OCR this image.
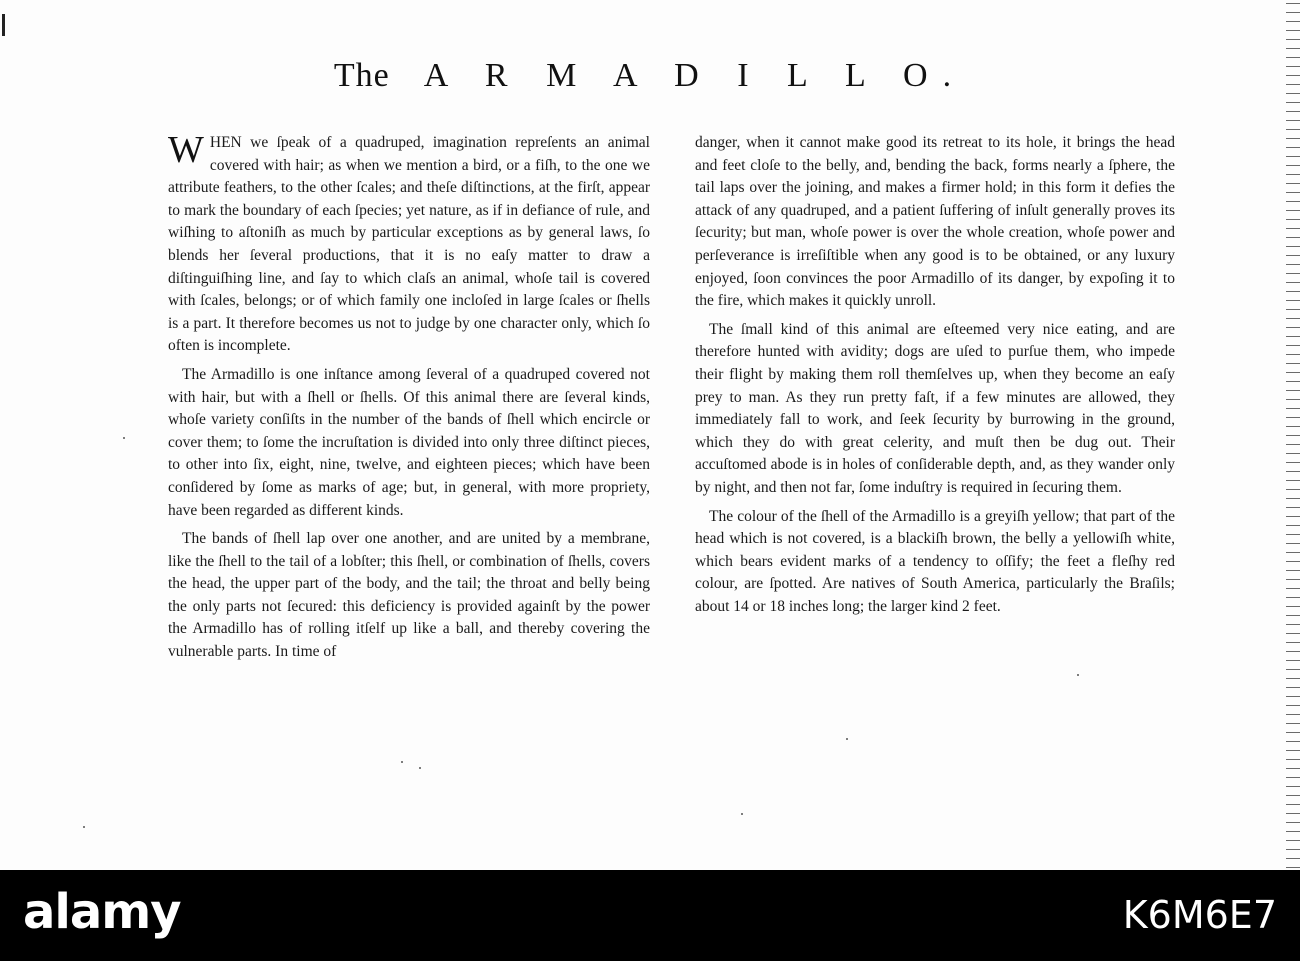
The A R M A D I L L O.

WHEN we ſpeak of a quadruped, imagination repreſents an animal covered with hair; as when we mention a bird, or a fiſh, to the one we attribute feathers, to the other ſcales; and theſe diſtinctions, at the firſt, appear to mark the boundary of each ſpecies; yet nature, as if in defiance of rule, and wiſhing to aſtoniſh as much by particular exceptions as by general laws, ſo blends her ſeveral productions, that it is no eaſy matter to draw a diſtinguiſhing line, and ſay to which claſs an animal, whoſe tail is covered with ſcales, belongs; or of which family one incloſed in large ſcales or ſhells is a part. It therefore becomes us not to judge by one character only, which ſo often is incomplete.

The Armadillo is one inſtance among ſeveral of a quadruped covered not with hair, but with a ſhell or ſhells. Of this animal there are ſeveral kinds, whoſe variety conſiſts in the number of the bands of ſhell which encircle or cover them; to ſome the incruſtation is divided into only three diſtinct pieces, to other into ſix, eight, nine, twelve, and eighteen pieces; which have been conſidered by ſome as marks of age; but, in general, with more propriety, have been regarded as different kinds.

The bands of ſhell lap over one another, and are united by a membrane, like the ſhell to the tail of a lobſter; this ſhell, or combination of ſhells, covers the head, the upper part of the body, and the tail; the throat and belly being the only parts not ſecured: this deficiency is provided againſt by the power the Armadillo has of rolling itſelf up like a ball, and thereby covering the vulnerable parts. In time of

danger, when it cannot make good its retreat to its hole, it brings the head and feet cloſe to the belly, and, bending the back, forms nearly a ſphere, the tail laps over the joining, and makes a firmer hold; in this form it defies the attack of any quadruped, and a patient ſuffering of inſult generally proves its ſecurity; but man, whoſe power is over the whole creation, whoſe power and perſeverance is irreſiſtible when any good is to be obtained, or any luxury enjoyed, ſoon convinces the poor Armadillo of its danger, by expoſing it to the fire, which makes it quickly unroll.

The ſmall kind of this animal are eſteemed very nice eating, and are therefore hunted with avidity; dogs are uſed to purſue them, who impede their flight by making them roll themſelves up, when they become an eaſy prey to man. As they run pretty faſt, if a few minutes are allowed, they immediately fall to work, and ſeek ſecurity by burrowing in the ground, which they do with great celerity, and muſt then be dug out. Their accuſtomed abode is in holes of conſiderable depth, and, as they wander only by night, and then not far, ſome induſtry is required in ſecuring them.

The colour of the ſhell of the Armadillo is a greyiſh yellow; that part of the head which is not covered, is a blackiſh brown, the belly a yellowiſh white, which bears evident marks of a tendency to oſſify; the feet a fleſhy red colour, are ſpotted. Are natives of South America, particularly the Braſils; about 14 or 18 inches long; the larger kind 2 feet.

alamy	K6M6E7
